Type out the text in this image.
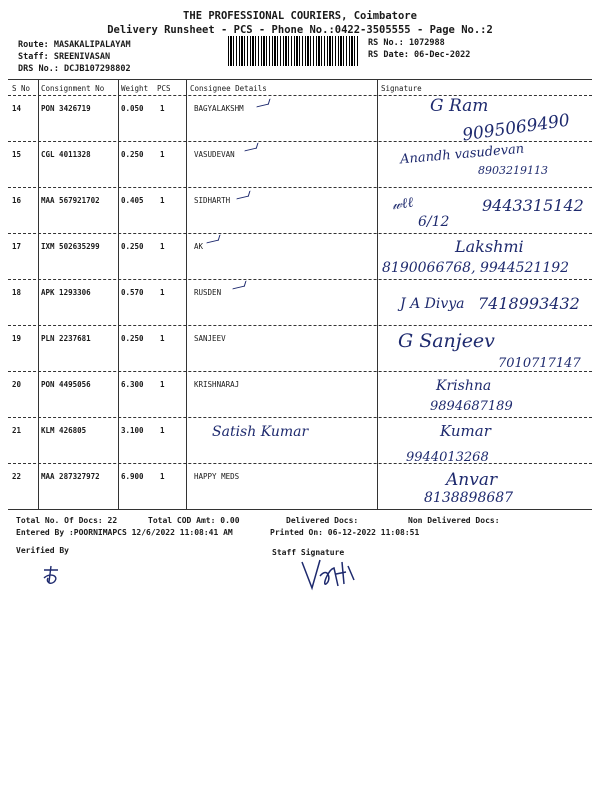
THE PROFESSIONAL COURIERS, Coimbatore
Delivery Runsheet - PCS - Phone No.:0422-3505555 - Page No.:2
Route: MASAKALIPALAYAM
Staff: SREENIVASAN
DRS No.: DCJB107298802
RS No.: 1072988
RS Date: 06-Dec-2022
S No Consignment No Weight PCS	Consignee Details	Signature
14	PON 3426719	0.050 1	BAGYALAKSHM	G Ram
9095069490
15	CGL 4011328	0.250 1	VASUDEVAN	Anandh vasudevan
8903219113
16	MAA 567921702	0.405 1	SIDHARTH	𝓌ℓℓ
6/12
9443315142
17	IXM 502635299	0.250 1	AK	Lakshmi
8190066768, 9944521192
18	APK 1293306	0.570 1	RUSDEN
J A Divya 7418993432
19	PLN 2237681	0.250 1	SANJEEV	G Sanjeev
7010717147
20	PON 4495056	6.300 1	KRISHNARAJ	Krishna
9894687189
21	KLM 426805	3.100 1	Satish Kumar	Kumar
9944013268
22	MAA 287327972	6.900 1	HAPPY MEDS	Anvar
8138898687
Total No. Of Docs: 22	Total COD Amt: 0.00	Delivered Docs:	Non Delivered Docs:
Entered By :POORNIMAPCS 12/6/2022 11:08:41 AM	Printed On: 06-12-2022 11:08:51
Verified By	Staff Signature
